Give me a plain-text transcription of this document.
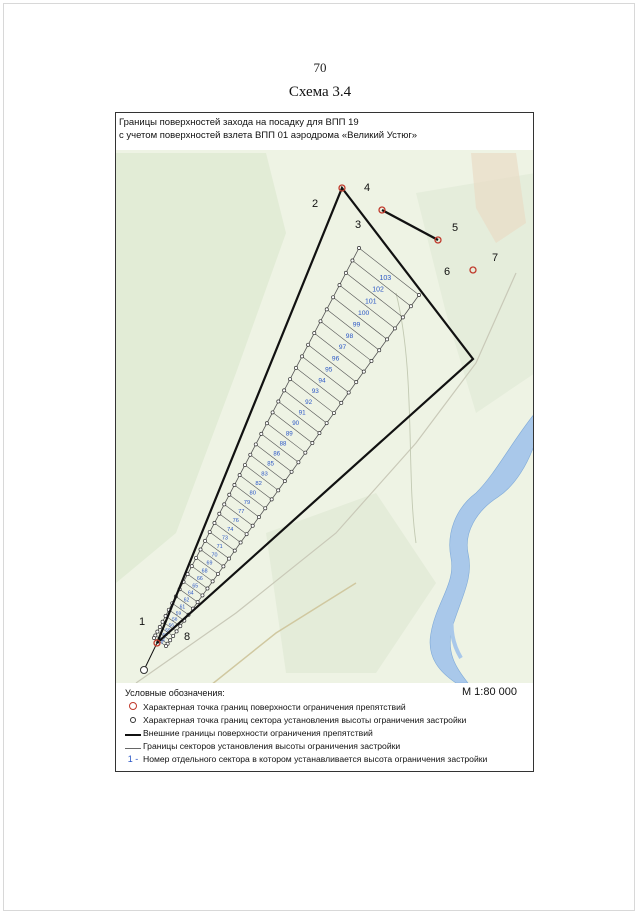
70
Схема 3.4
103
102
101
100
99
98
97
96
95
94
93
92
91
90
89
88
86
85
83
82
80
79
77
76
74
73
71
70
69
68
66
65
64
62
61
59
58
56
55
53
52
50
1
2
3
4
5
6
7
8
Границы поверхностей захода на посадку для ВПП 19
с учетом поверхностей взлета ВПП 01 аэродрома «Великий Устюг»
Условные обозначения:	М 1:80 000
Характерная точка границ поверхности ограничения препятствий
Характерная точка границ сектора установления высоты ограничения застройки
Внешние границы поверхности ограничения препятствий
Границы секторов установления высоты ограничения застройки
1 - Номер отдельного сектора в котором устанавливается высота ограничения застройки
